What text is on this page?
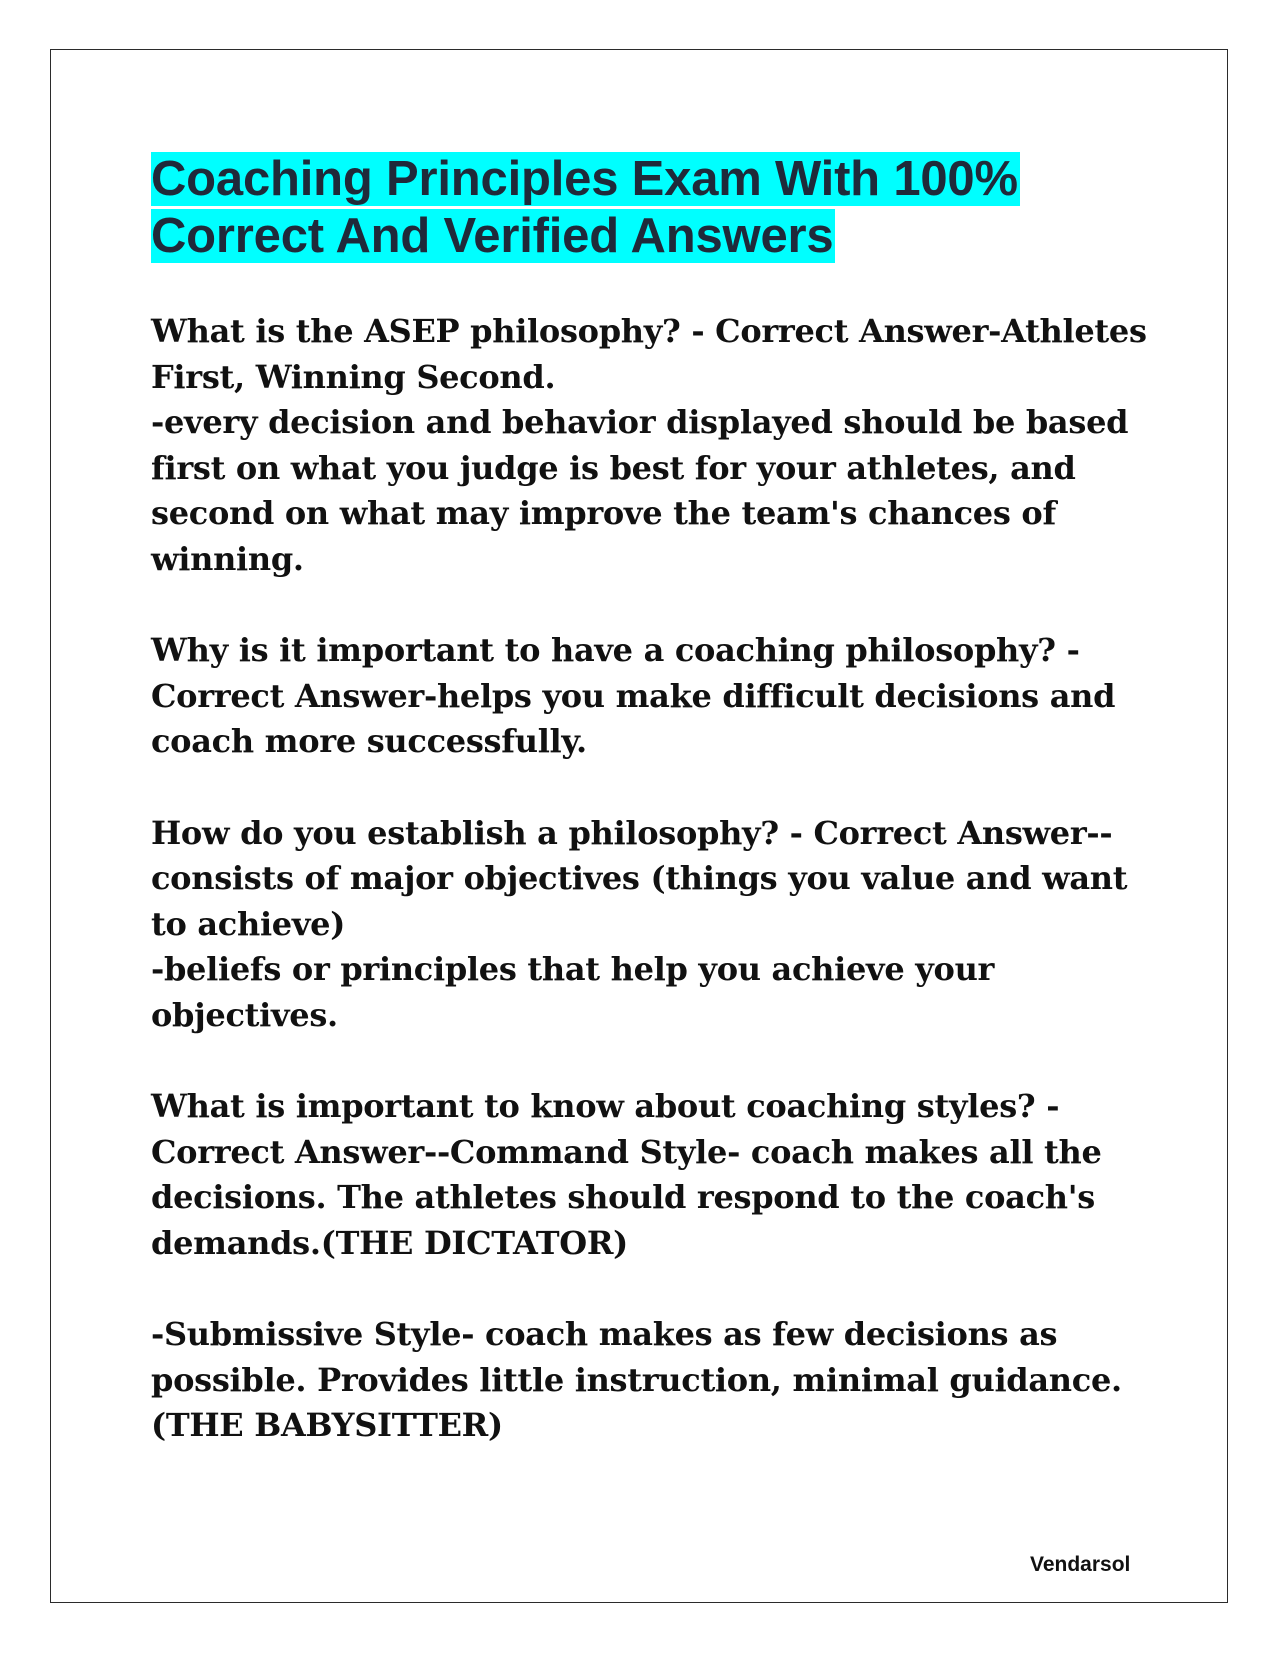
Coaching Principles Exam With 100%
Correct And Verified Answers

What is the ASEP philosophy? - Correct Answer-Athletes First, Winning Second.

-every decision and behavior displayed should be based first on what you judge is best for your athletes, and second on what may improve the team's chances of winning.

Why is it important to have a coaching philosophy? - Correct Answer-helps you make difficult decisions and coach more successfully.

How do you establish a philosophy? - Correct Answer--consists of major objectives (things you value and want to achieve)

-beliefs or principles that help you achieve your objectives.

What is important to know about coaching styles? - Correct Answer--Command Style- coach makes all the decisions. The athletes should respond to the coach's demands.(THE DICTATOR)

-Submissive Style- coach makes as few decisions as possible. Provides little instruction, minimal guidance. (THE BABYSITTER)

Vendarsol
